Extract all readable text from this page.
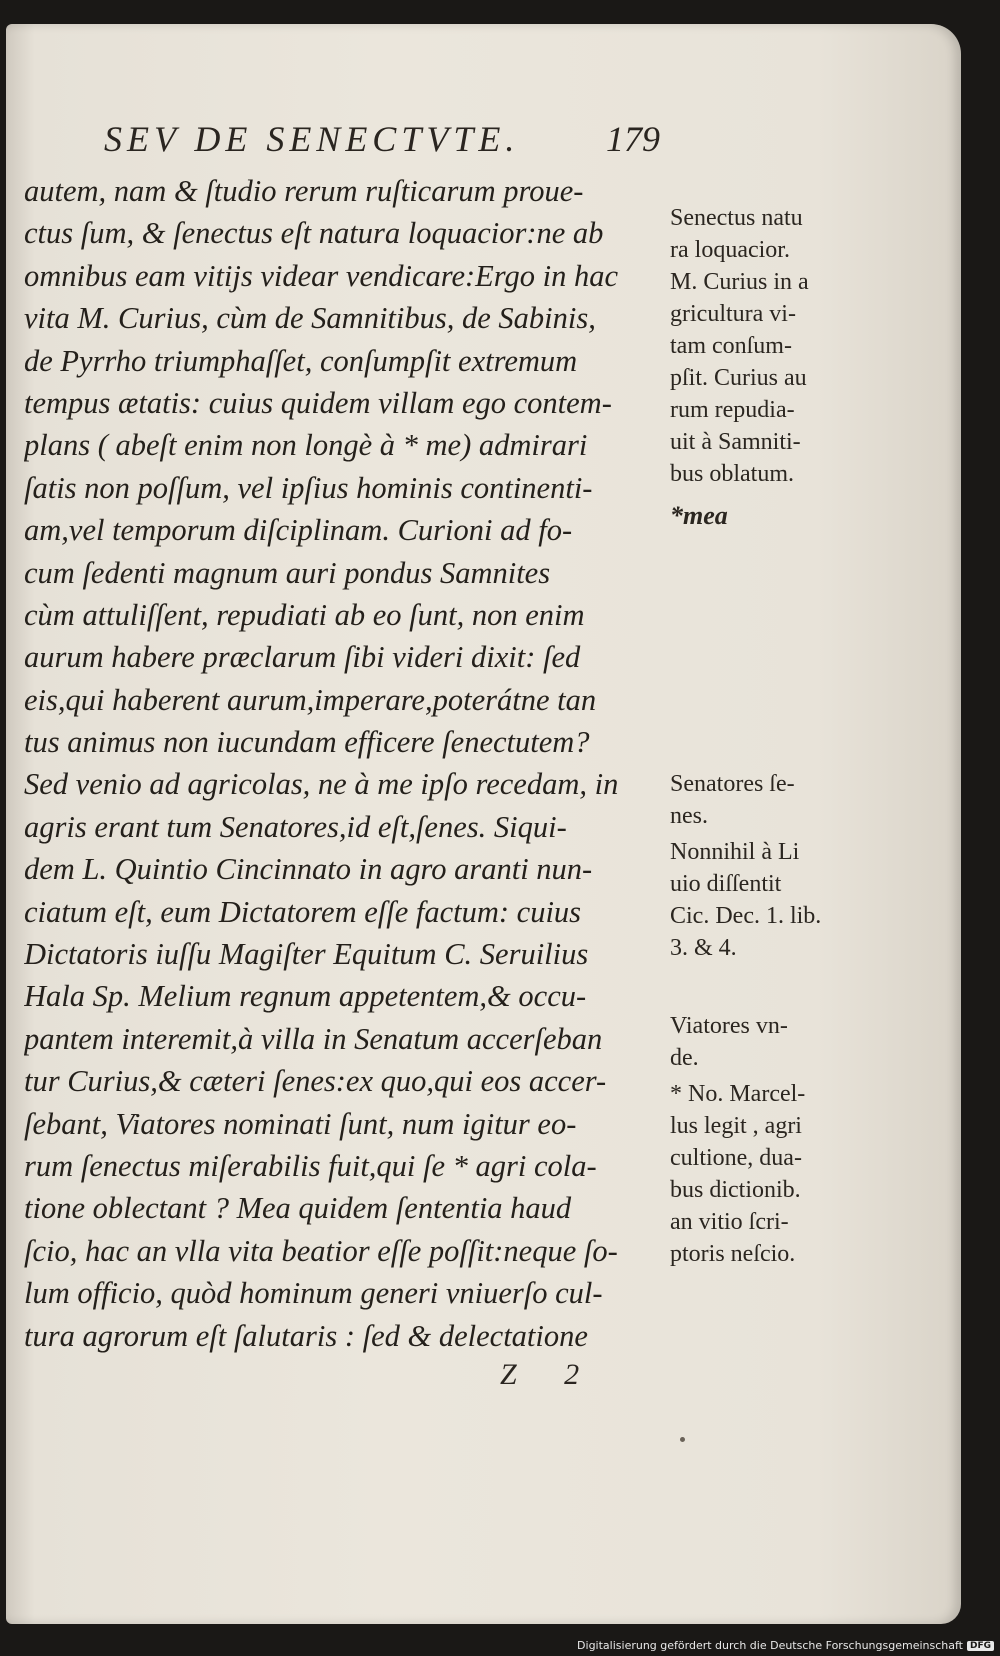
SEV DE SENECTVTE.	179
autem, nam & ſtudio rerum ruſticarum proue-
ctus ſum, & ſenectus eſt natura loquacior:ne ab
omnibus eam vitijs videar vendicare:Ergo in hac
vita M. Curius, cùm de Samnitibus, de Sabinis,
de Pyrrho triumphaſſet, conſumpſit extremum
tempus ætatis: cuius quidem villam ego contem-
plans ( abeſt enim non longè à * me) admirari
ſatis non poſſum, vel ipſius hominis continenti-
am,vel temporum diſciplinam. Curioni ad fo-
cum ſedenti magnum auri pondus Samnites
cùm attuliſſent, repudiati ab eo ſunt, non enim
aurum habere præclarum ſibi videri dixit: ſed
eis,qui haberent aurum,imperare,poterátne tan
tus animus non iucundam efficere ſenectutem?
Sed venio ad agricolas, ne à me ipſo recedam, in
agris erant tum Senatores,id eſt,ſenes. Siqui-
dem L. Quintio Cincinnato in agro aranti nun-
ciatum eſt, eum Dictatorem eſſe factum: cuius
Dictatoris iuſſu Magiſter Equitum C. Seruilius
Hala Sp. Melium regnum appetentem,& occu-
pantem interemit,à villa in Senatum accerſeban
tur Curius,& cæteri ſenes:ex quo,qui eos accer-
ſebant, Viatores nominati ſunt, num igitur eo-
rum ſenectus miſerabilis fuit,qui ſe * agri cola-
tione oblectant ? Mea quidem ſententia haud
ſcio, hac an vlla vita beatior eſſe poſſit:neque ſo-
lum officio, quòd hominum generi vniuerſo cul-
tura agrorum eſt ſalutaris : ſed & delectatione
Senectus natu
ra loquacior.
M. Curius in a
gricultura vi-
tam conſum-
pſit. Curius au
rum repudia-
uit à Samniti-
bus oblatum.
*mea
Senatores ſe-
nes.
Nonnihil à Li
uio diſſentit
Cic. Dec. 1. lib.
3. & 4.
Viatores vn-
de.
* No. Marcel-
lus legit , agri
cultione, dua-
bus dictionib.
an vitio ſcri-
ptoris neſcio.
Z 2
Digitalisierung gefördert durch die Deutsche Forschungsgemeinschaft DFG
